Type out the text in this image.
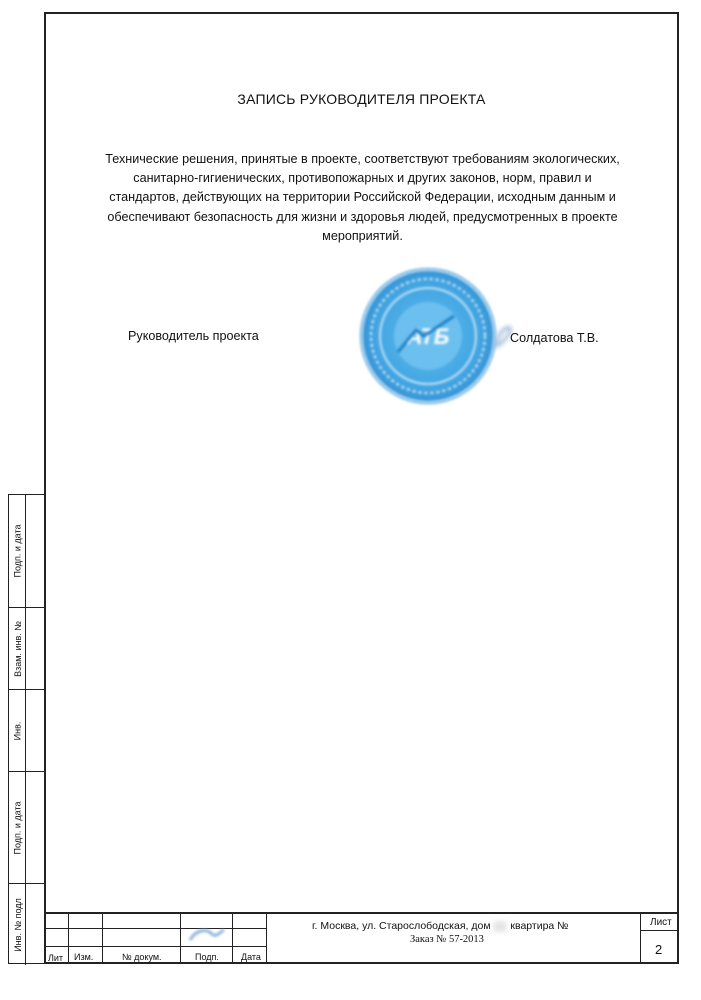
ЗАПИСЬ РУКОВОДИТЕЛЯ ПРОЕКТА
Технические решения, принятые в проекте, соответствуют требованиям экологических,
санитарно-гигиенических, противопожарных и других законов, норм, правил и
стандартов, действующих на территории Российской Федерации, исходным данным и
обеспечивают безопасность для жизни и здоровья людей, предусмотренных в проекте
мероприятий.
Руководитель проекта	АТБ	Солдатова Т.В.
Подп. и дата
Взам. инв. №
Инв.
Подп. и дата
Инв. № подл
Лит Изм.	№ докум.	Подп. Дата
г. Москва, ул. Старослободская, дом квартира №
Заказ № 57-2013
Лист
2
